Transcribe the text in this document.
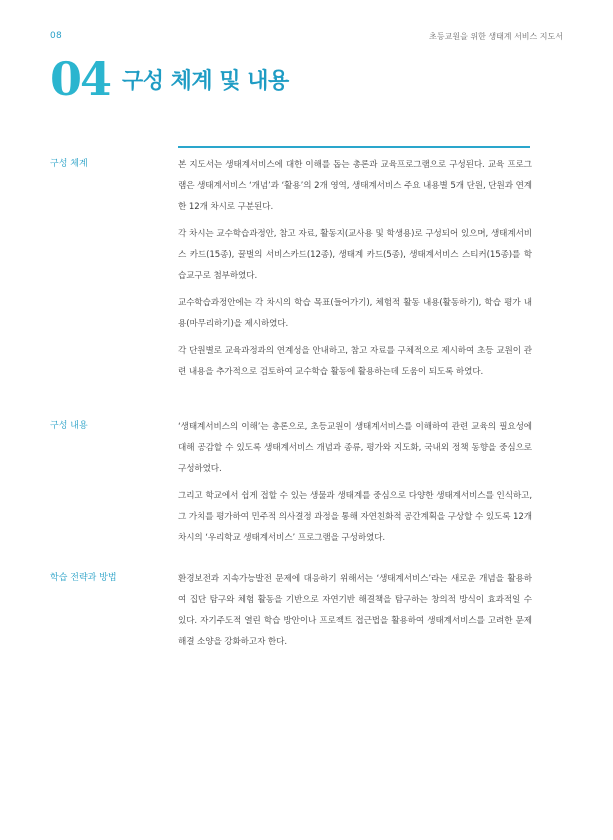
08	초등교원을 위한 생태계 서비스 지도서
04 구성 체계 및 내용
구성 체계	본 지도서는 생태계서비스에 대한 이해를 돕는 총론과 교육프로그램으로 구성된다. 교육 프로그램은 생태계서비스 ‘개념’과 ‘활용’의 2개 영역, 생태계서비스 주요 내용별 5개 단원, 단원과 연계한 12개 차시로 구분된다.

각 차시는 교수학습과정안, 참고 자료, 활동지(교사용 및 학생용)로 구성되어 있으며, 생태계서비스 카드(15종), 꿀벌의 서비스카드(12종), 생태계 카드(5종), 생태계서비스 스티커(15종)를 학습교구로 첨부하였다.

교수학습과정안에는 각 차시의 학습 목표(들어가기), 체험적 활동 내용(활동하기), 학습 평가 내용(마무리하기)을 제시하였다.

각 단원별로 교육과정과의 연계성을 안내하고, 참고 자료를 구체적으로 제시하여 초등 교원이 관련 내용을 추가적으로 검토하여 교수학습 활동에 활용하는데 도움이 되도록 하였다.

구성 내용	‘생태계서비스의 이해’는 총론으로, 초등교원이 생태계서비스를 이해하여 관련 교육의 필요성에 대해 공감할 수 있도록 생태계서비스 개념과 종류, 평가와 지도화, 국내외 정책 동향을 중심으로 구성하였다.

그리고 학교에서 쉽게 접할 수 있는 생물과 생태계를 중심으로 다양한 생태계서비스를 인식하고, 그 가치를 평가하여 민주적 의사결정 과정을 통해 자연친화적 공간계획을 구상할 수 있도록 12개 차시의 ‘우리학교 생태계서비스’ 프로그램을 구성하였다.

학습 전략과 방법	환경보전과 지속가능발전 문제에 대응하기 위해서는 ‘생태계서비스’라는 새로운 개념을 활용하여 집단 탐구와 체험 활동을 기반으로 자연기반 해결책을 탐구하는 창의적 방식이 효과적일 수 있다. 자기주도적 열린 학습 방안이나 프로젝트 접근법을 활용하여 생태계서비스를 고려한 문제해결 소양을 강화하고자 한다.
